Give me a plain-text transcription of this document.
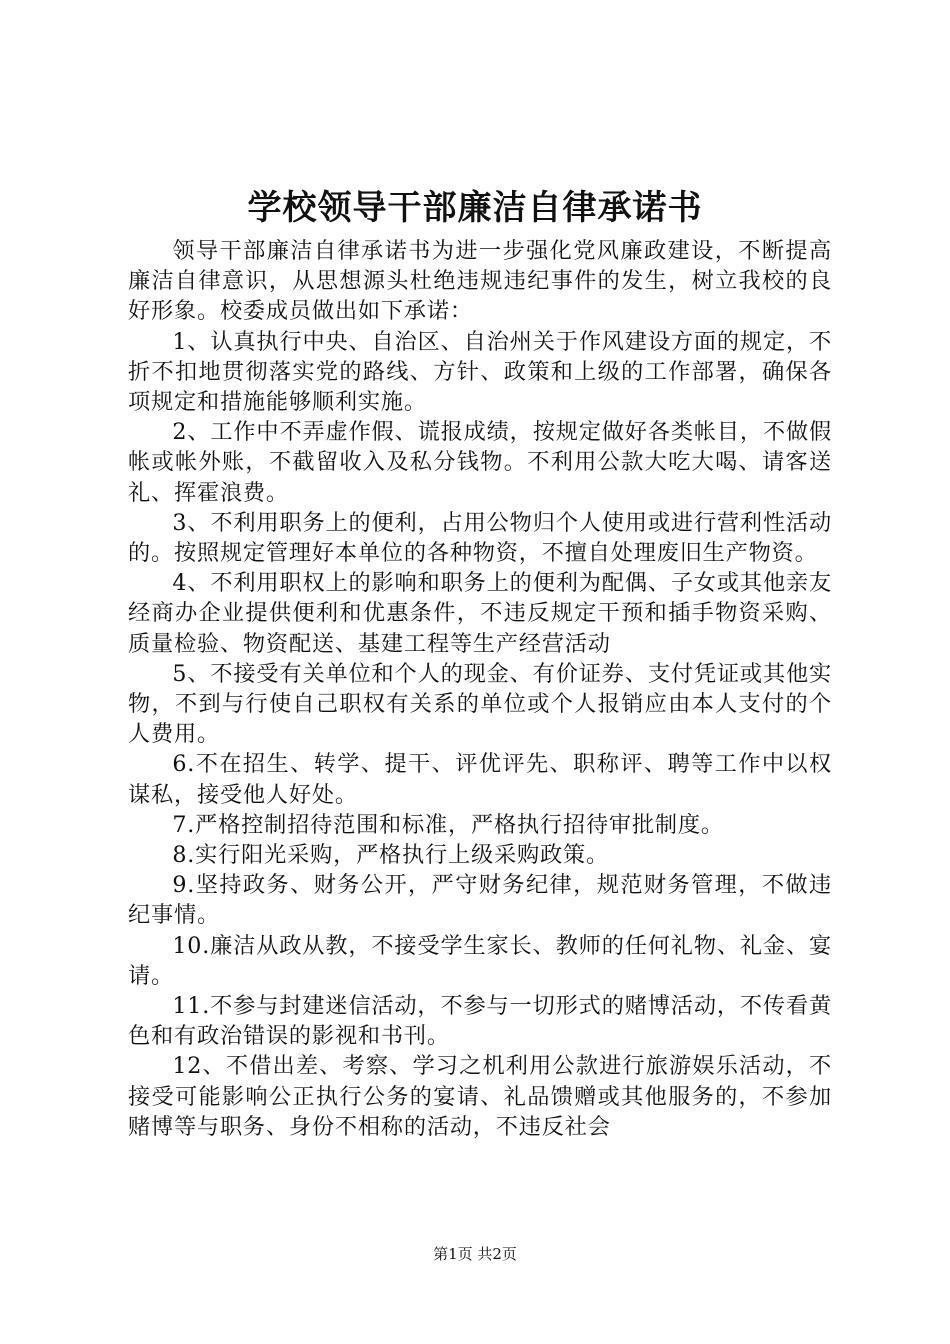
学校领导干部廉洁自律承诺书

领导干部廉洁自律承诺书为进一步强化党风廉政建设，不断提高廉洁自律意识，从思想源头杜绝违规违纪事件的发生，树立我校的良好形象。校委成员做出如下承诺：

1、认真执行中央、自治区、自治州关于作风建设方面的规定，不折不扣地贯彻落实党的路线、方针、政策和上级的工作部署，确保各项规定和措施能够顺利实施。

2、工作中不弄虚作假、谎报成绩，按规定做好各类帐目，不做假帐或帐外账，不截留收入及私分钱物。不利用公款大吃大喝、请客送礼、挥霍浪费。

3、不利用职务上的便利，占用公物归个人使用或进行营利性活动的。按照规定管理好本单位的各种物资，不擅自处理废旧生产物资。

4、不利用职权上的影响和职务上的便利为配偶、子女或其他亲友经商办企业提供便利和优惠条件，不违反规定干预和插手物资采购、质量检验、物资配送、基建工程等生产经营活动

5、不接受有关单位和个人的现金、有价证券、支付凭证或其他实物，不到与行使自己职权有关系的单位或个人报销应由本人支付的个人费用。

6.不在招生、转学、提干、评优评先、职称评、聘等工作中以权谋私，接受他人好处。

7.严格控制招待范围和标准，严格执行招待审批制度。

8.实行阳光采购，严格执行上级采购政策。

9.坚持政务、财务公开，严守财务纪律，规范财务管理，不做违纪事情。

10.廉洁从政从教，不接受学生家长、教师的任何礼物、礼金、宴请。

11.不参与封建迷信活动，不参与一切形式的赌博活动，不传看黄色和有政治错误的影视和书刊。

12、不借出差、考察、学习之机利用公款进行旅游娱乐活动，不接受可能影响公正执行公务的宴请、礼品馈赠或其他服务的，不参加赌博等与职务、身份不相称的活动，不违反社会

第1页 共2页
